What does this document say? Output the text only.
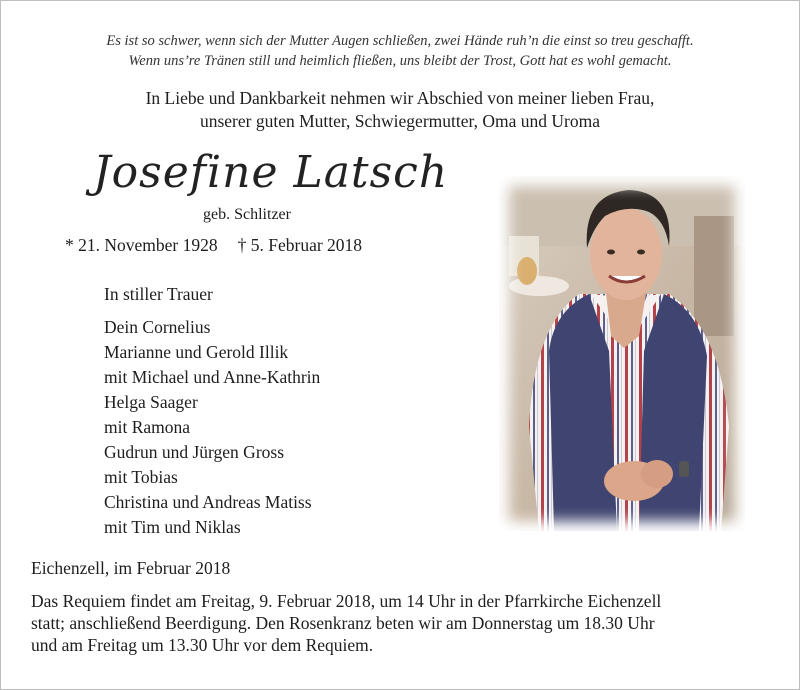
Es ist so schwer, wenn sich der Mutter Augen schließen, zwei Hände ruh’n die einst so treu geschafft.
Wenn uns’re Tränen still und heimlich fließen, uns bleibt der Trost, Gott hat es wohl gemacht.
In Liebe und Dankbarkeit nehmen wir Abschied von meiner lieben Frau,
unserer guten Mutter, Schwiegermutter, Oma und Uroma
Josefine Latsch
geb. Schlitzer
* 21. November 1928 † 5. Februar 2018
In stiller Trauer
Dein Cornelius
Marianne und Gerold Illik
mit Michael und Anne-Kathrin
Helga Saager
mit Ramona
Gudrun und Jürgen Gross
mit Tobias
Christina und Andreas Matiss
mit Tim und Niklas
Eichenzell, im Februar 2018
Das Requiem findet am Freitag, 9. Februar 2018, um 14 Uhr in der Pfarrkirche Eichenzell
statt; anschließend Beerdigung. Den Rosenkranz beten wir am Donnerstag um 18.30 Uhr
und am Freitag um 13.30 Uhr vor dem Requiem.
